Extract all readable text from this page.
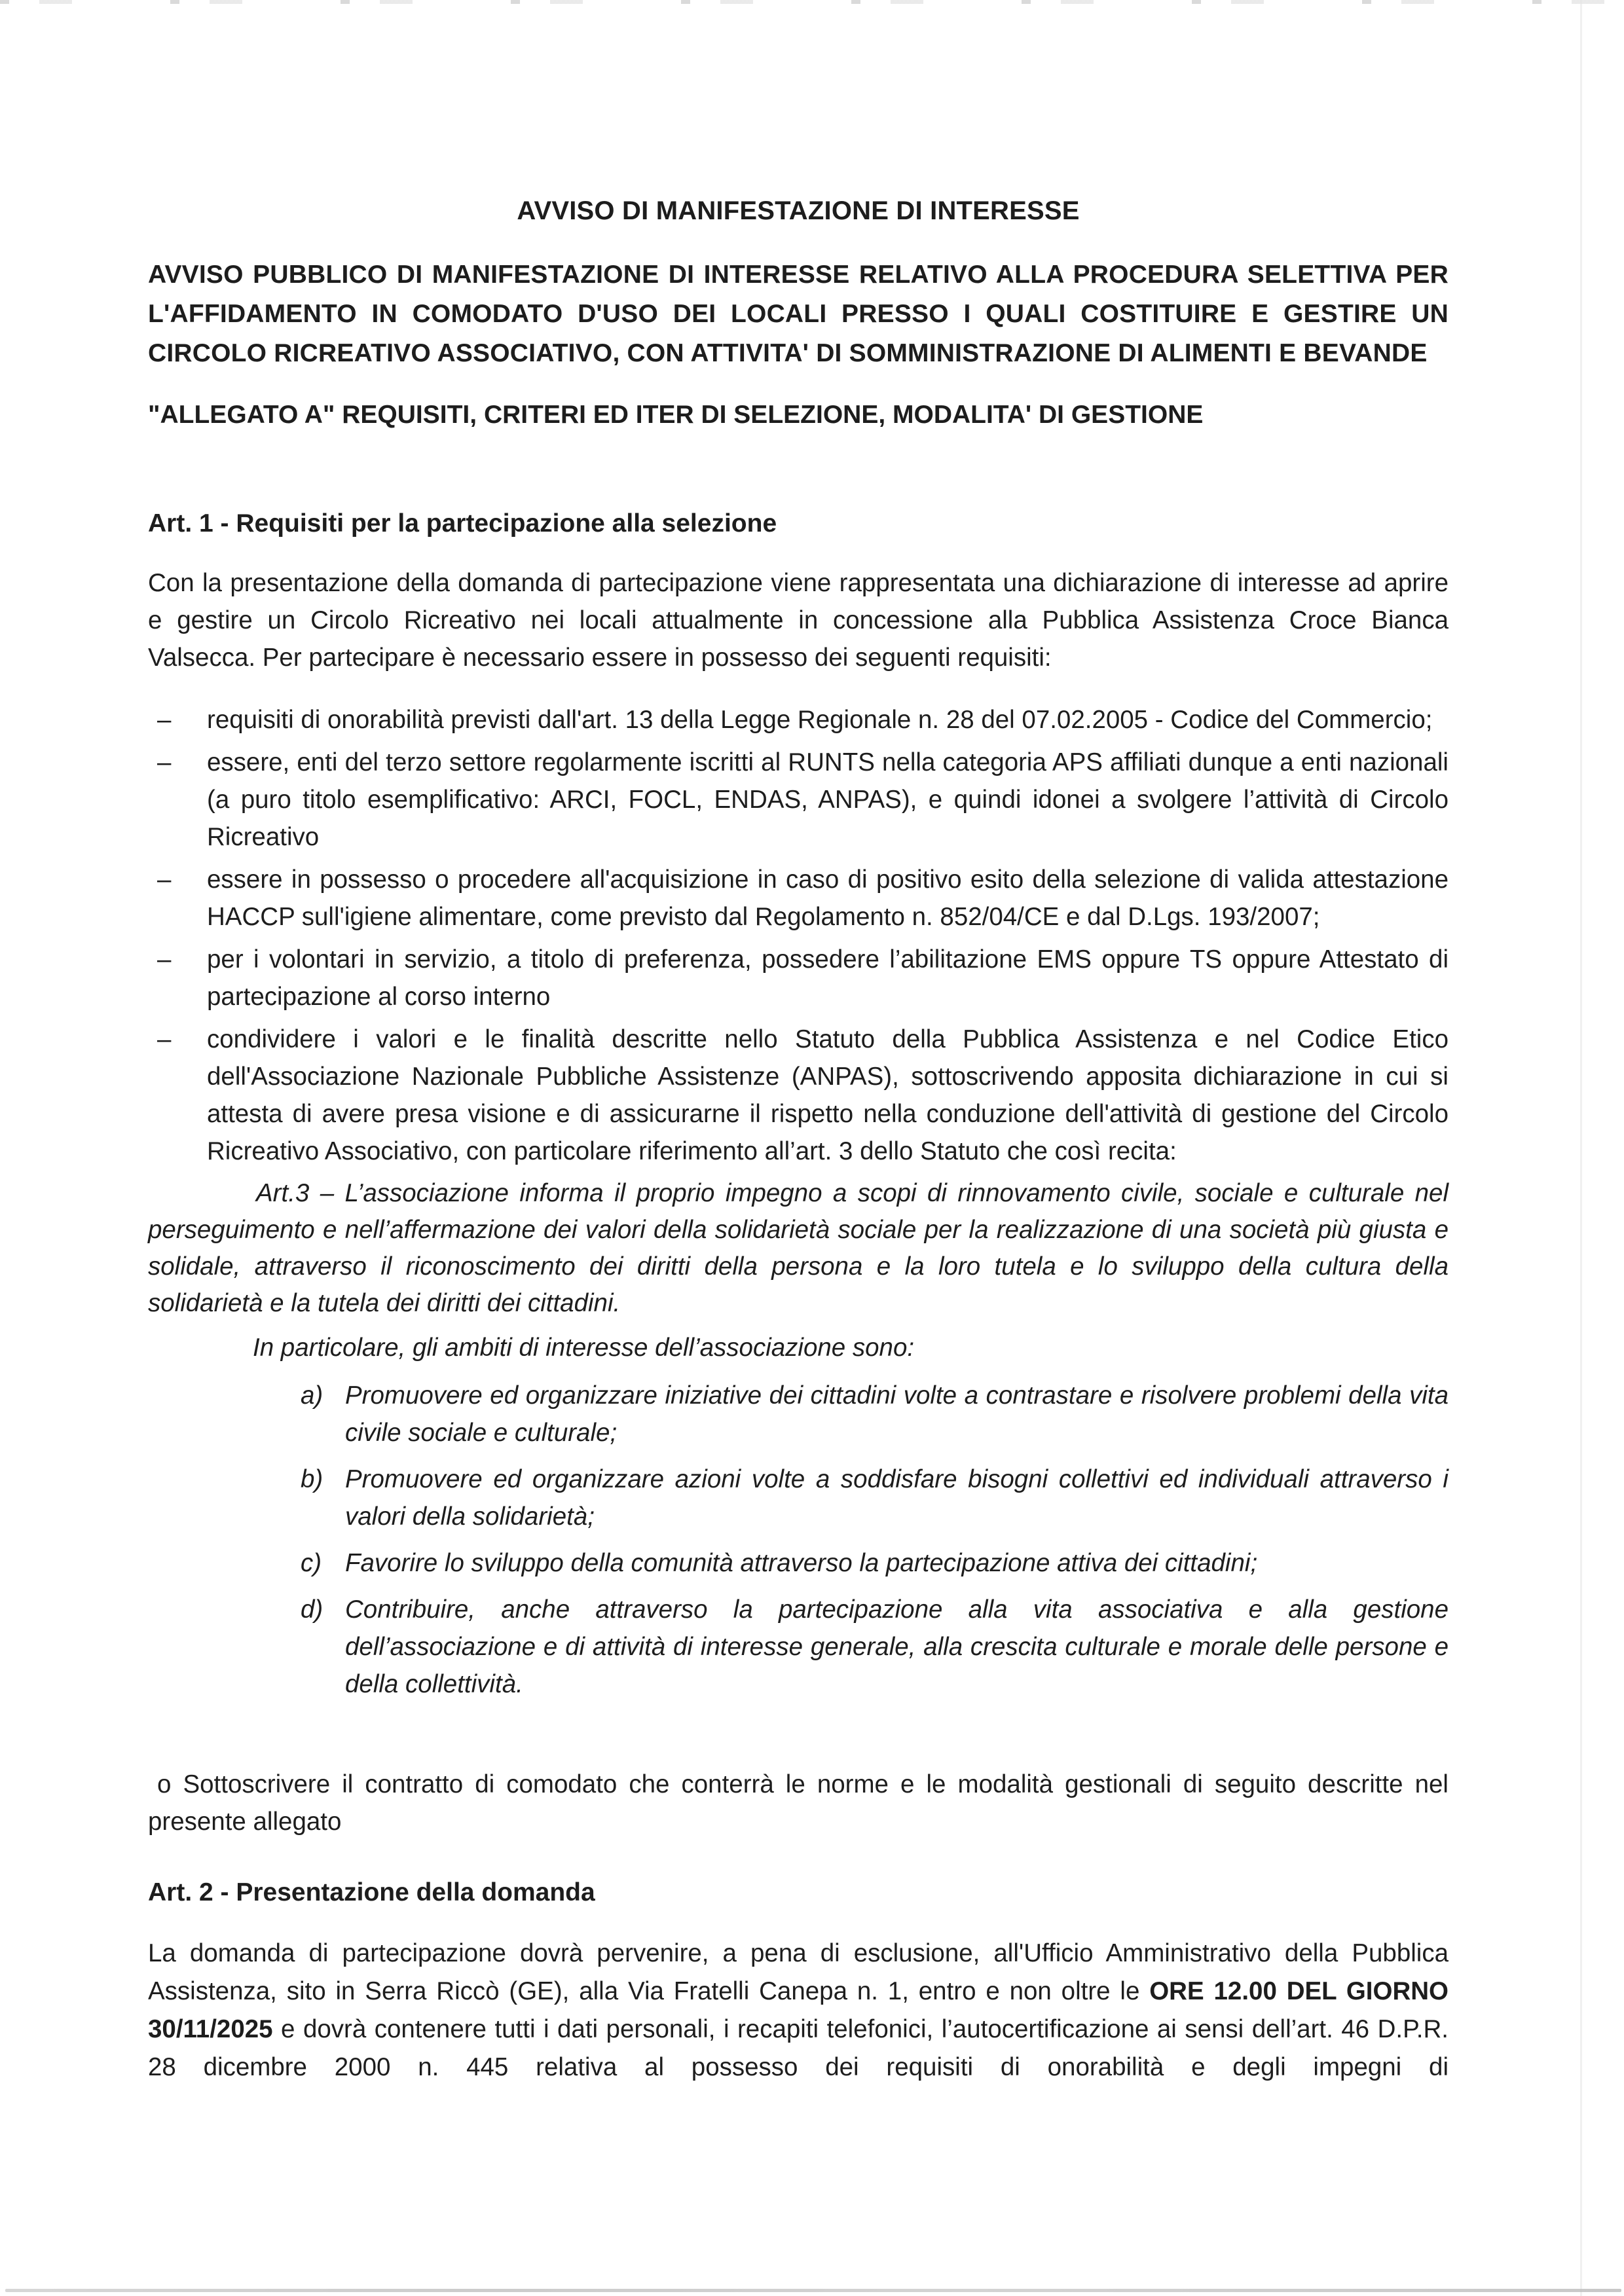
AVVISO DI MANIFESTAZIONE DI INTERESSE
AVVISO PUBBLICO DI MANIFESTAZIONE DI INTERESSE RELATIVO ALLA PROCEDURA SELETTIVA PER L'AFFIDAMENTO IN COMODATO D'USO DEI LOCALI PRESSO I QUALI COSTITUIRE E GESTIRE UN CIRCOLO RICREATIVO ASSOCIATIVO, CON ATTIVITA' DI SOMMINISTRAZIONE DI ALIMENTI E BEVANDE
"ALLEGATO A" REQUISITI, CRITERI ED ITER DI SELEZIONE, MODALITA' DI GESTIONE
Art. 1 - Requisiti per la partecipazione alla selezione
Con la presentazione della domanda di partecipazione viene rappresentata una dichiarazione di interesse ad aprire e gestire un Circolo Ricreativo nei locali attualmente in concessione alla Pubblica Assistenza Croce Bianca Valsecca. Per partecipare è necessario essere in possesso dei seguenti requisiti:
–	requisiti di onorabilità previsti dall'art. 13 della Legge Regionale n. 28 del 07.02.2005 - Codice del Commercio;
–	essere, enti del terzo settore regolarmente iscritti al RUNTS nella categoria APS affiliati dunque a enti nazionali (a puro titolo esemplificativo: ARCI, FOCL, ENDAS, ANPAS), e quindi idonei a svolgere l’attività di Circolo Ricreativo
–	essere in possesso o procedere all'acquisizione in caso di positivo esito della selezione di valida attestazione HACCP sull'igiene alimentare, come previsto dal Regolamento n. 852/04/CE e dal D.Lgs. 193/2007;
–	per i volontari in servizio, a titolo di preferenza, possedere l’abilitazione EMS oppure TS oppure Attestato di partecipazione al corso interno
–	condividere i valori e le finalità descritte nello Statuto della Pubblica Assistenza e nel Codice Etico dell'Associazione Nazionale Pubbliche Assistenze (ANPAS), sottoscrivendo apposita dichiarazione in cui si attesta di avere presa visione e di assicurarne il rispetto nella conduzione dell'attività di gestione del Circolo Ricreativo Associativo, con particolare riferimento all’art. 3 dello Statuto che così recita:
Art.3 – L’associazione informa il proprio impegno a scopi di rinnovamento civile, sociale e culturale nel perseguimento e nell’affermazione dei valori della solidarietà sociale per la realizzazione di una società più giusta e solidale, attraverso il riconoscimento dei diritti della persona e la loro tutela e lo sviluppo della cultura della solidarietà e la tutela dei diritti dei cittadini.
In particolare, gli ambiti di interesse dell’associazione sono:
a) Promuovere ed organizzare iniziative dei cittadini volte a contrastare e risolvere problemi della vita civile sociale e culturale;
b) Promuovere ed organizzare azioni volte a soddisfare bisogni collettivi ed individuali attraverso i valori della solidarietà;
c) Favorire lo sviluppo della comunità attraverso la partecipazione attiva dei cittadini;
d) Contribuire, anche attraverso la partecipazione alla vita associativa e alla gestione dell’associazione e di attività di interesse generale, alla crescita culturale e morale delle persone e della collettività.
o Sottoscrivere il contratto di comodato che conterrà le norme e le modalità gestionali di seguito descritte nel presente allegato
Art. 2 - Presentazione della domanda

La domanda di partecipazione dovrà pervenire, a pena di esclusione, all'Ufficio Amministrativo della Pubblica Assistenza, sito in Serra Riccò (GE), alla Via Fratelli Canepa n. 1, entro e non oltre le ORE 12.00 DEL GIORNO 30/11/2025 e dovrà contenere tutti i dati personali, i recapiti telefonici, l’autocertificazione ai sensi dell’art. 46 D.P.R. 28 dicembre 2000 n. 445 relativa al possesso dei requisiti di onorabilità e degli impegni di
